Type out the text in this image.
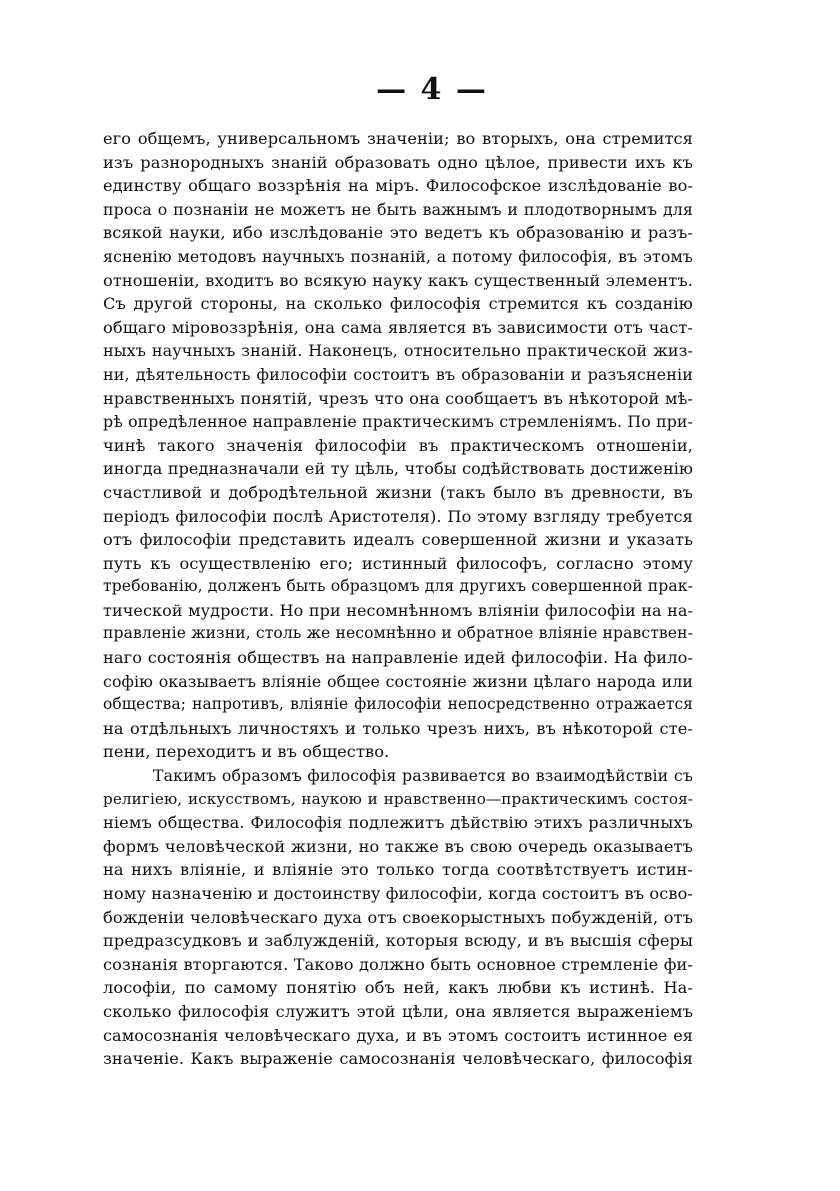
— 4 —
его общемъ, универсальномъ значеніи; во вторыхъ, она стремится
изъ разнородныхъ знаній образовать одно цѣлое, привести ихъ къ
единству общаго воззрѣнія на міръ. Философское изслѣдованіе во-
проса о познаніи не можетъ не быть важнымъ и плодотворнымъ для
всякой науки, ибо изслѣдованіе это ведетъ къ образованію и разъ-
ясненію методовъ научныхъ познаній, а потому философія, въ этомъ
отношеніи, входитъ во всякую науку какъ существенный элементъ.
Съ другой стороны, на сколько философія стремится къ созданію
общаго міровоззрѣнія, она сама является въ зависимости отъ част-
ныхъ научныхъ знаній. Наконецъ, относительно практической жиз-
ни, дѣятельность философіи состоитъ въ образованіи и разъясненіи
нравственныхъ понятій, чрезъ что она сообщаетъ въ нѣкоторой мѣ-
рѣ опредѣленное направленіе практическимъ стремленіямъ. По при-
чинѣ такого значенія философіи въ практическомъ отношеніи,
иногда предназначали ей ту цѣль, чтобы содѣйствовать достиженію
счастливой и добродѣтельной жизни (такъ было въ древности, въ
періодъ философіи послѣ Аристотеля). По этому взгляду требуется
отъ философіи представить идеалъ совершенной жизни и указать
путь къ осуществленію его; истинный философъ, согласно этому
требованію, долженъ быть образцомъ для другихъ совершенной прак-
тической мудрости. Но при несомнѣнномъ вліяніи философіи на на-
правленіе жизни, столь же несомнѣнно и обратное вліяніе нравствен-
наго состоянія обществъ на направленіе идей философіи. На фило-
софію оказываетъ вліяніе общее состояніе жизни цѣлаго народа или
общества; напротивъ, вліяніе философіи непосредственно отражается
на отдѣльныхъ личностяхъ и только чрезъ нихъ, въ нѣкоторой сте-
пени, переходитъ и въ общество.
Такимъ образомъ философія развивается во взаимодѣйствіи съ
религіею, искусствомъ, наукою и нравственно—практическимъ состоя-
ніемъ общества. Философія подлежитъ дѣйствію этихъ различныхъ
формъ человѣческой жизни, но также въ свою очередь оказываетъ
на нихъ вліяніе, и вліяніе это только тогда соотвѣтствуетъ истин-
ному назначенію и достоинству философіи, когда состоитъ въ осво-
божденіи человѣческаго духа отъ своекорыстныхъ побужденій, отъ
предразсудковъ и заблужденій, которыя всюду, и въ высшія сферы
сознанія вторгаются. Таково должно быть основное стремленіе фи-
лософіи, по самому понятію объ ней, какъ любви къ истинѣ. На-
сколько философія служитъ этой цѣли, она является выраженіемъ
самосознанія человѣческаго духа, и въ этомъ состоитъ истинное ея
значеніе. Какъ выраженіе самосознанія человѣческаго, философія
